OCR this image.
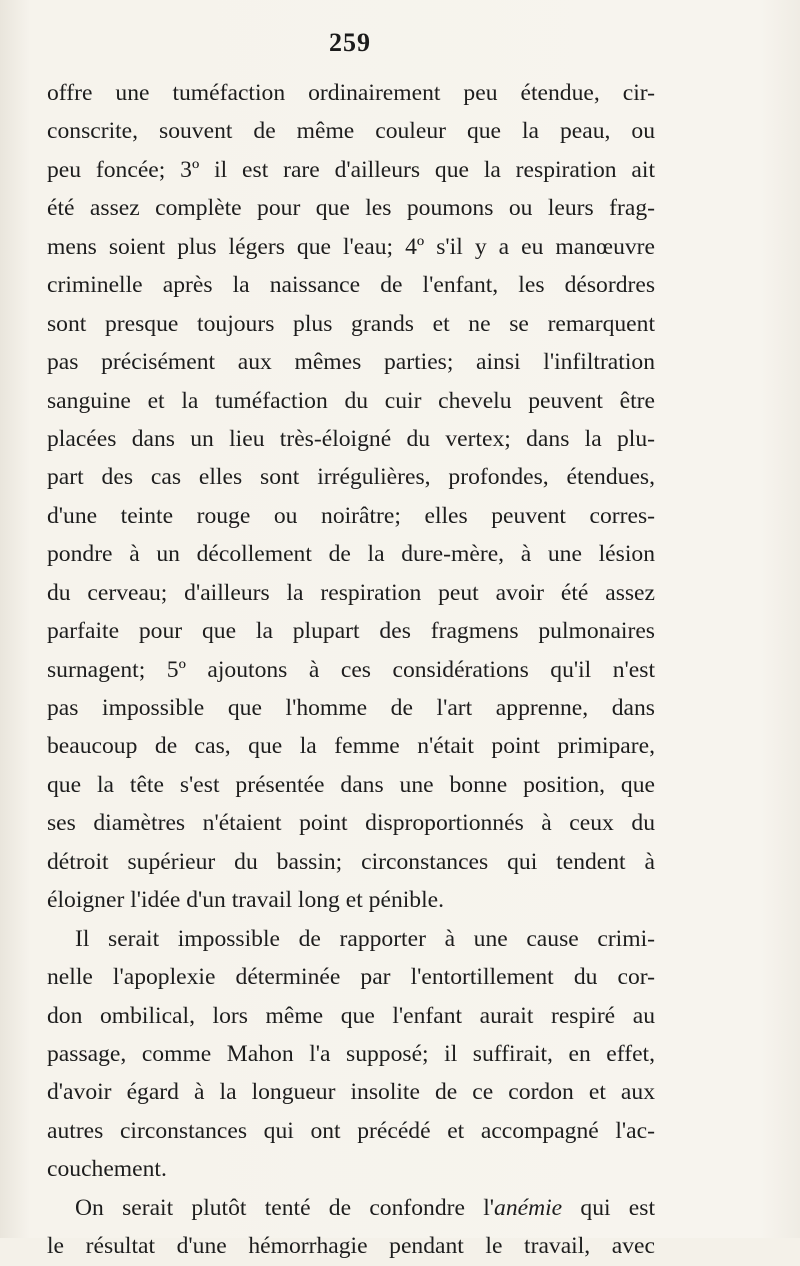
259
offre une tuméfaction ordinairement peu étendue, cir-
conscrite, souvent de même couleur que la peau, ou
peu foncée; 3º il est rare d'ailleurs que la respiration ait
été assez complète pour que les poumons ou leurs frag-
mens soient plus légers que l'eau; 4º s'il y a eu manœuvre
criminelle après la naissance de l'enfant, les désordres
sont presque toujours plus grands et ne se remarquent
pas précisément aux mêmes parties; ainsi l'infiltration
sanguine et la tuméfaction du cuir chevelu peuvent être
placées dans un lieu très-éloigné du vertex; dans la plu-
part des cas elles sont irrégulières, profondes, étendues,
d'une teinte rouge ou noirâtre; elles peuvent corres-
pondre à un décollement de la dure-mère, à une lésion
du cerveau; d'ailleurs la respiration peut avoir été assez
parfaite pour que la plupart des fragmens pulmonaires
surnagent; 5º ajoutons à ces considérations qu'il n'est
pas impossible que l'homme de l'art apprenne, dans
beaucoup de cas, que la femme n'était point primipare,
que la tête s'est présentée dans une bonne position, que
ses diamètres n'étaient point disproportionnés à ceux du
détroit supérieur du bassin; circonstances qui tendent à
éloigner l'idée d'un travail long et pénible.
Il serait impossible de rapporter à une cause crimi-
nelle l'apoplexie déterminée par l'entortillement du cor-
don ombilical, lors même que l'enfant aurait respiré au
passage, comme Mahon l'a supposé; il suffirait, en effet,
d'avoir égard à la longueur insolite de ce cordon et aux
autres circonstances qui ont précédé et accompagné l'ac-
couchement.
On serait plutôt tenté de confondre l'anémie qui est
le résultat d'une hémorrhagie pendant le travail, avec
